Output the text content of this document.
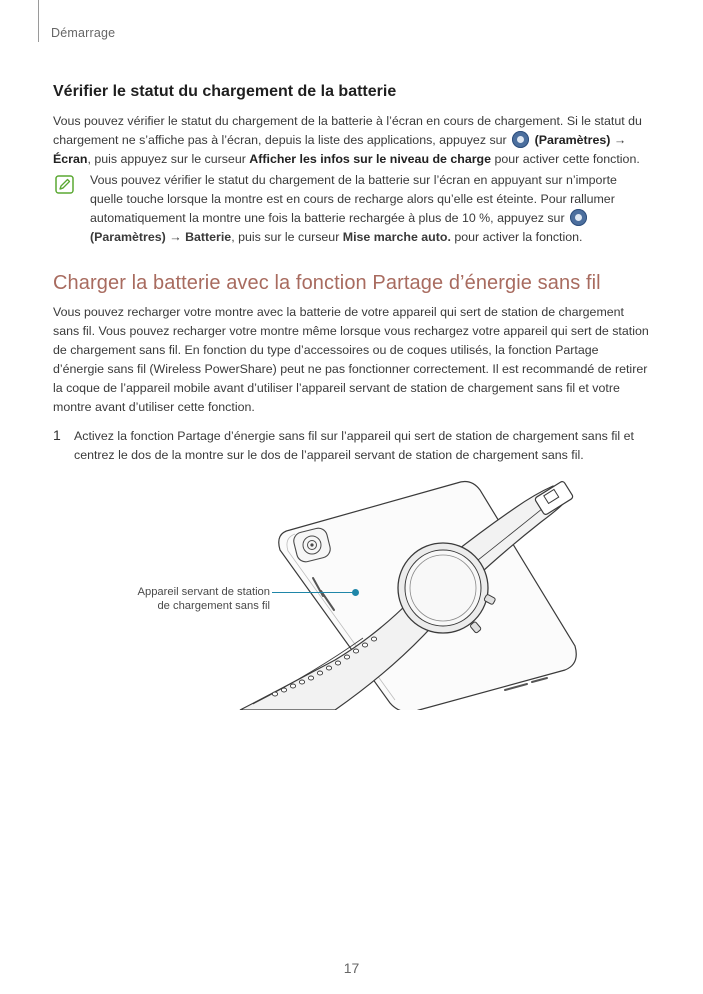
Démarrage
Vérifier le statut du chargement de la batterie

Vous pouvez vérifier le statut du chargement de la batterie à l’écran en cours de chargement. Si le statut du chargement ne s’affiche pas à l’écran, depuis la liste des applications, appuyez sur (Paramètres) → Écran, puis appuyez sur le curseur Afficher les infos sur le niveau de charge pour activer cette fonction.

Vous pouvez vérifier le statut du chargement de la batterie sur l’écran en appuyant sur n’importe quelle touche lorsque la montre est en cours de recharge alors qu’elle est éteinte. Pour rallumer automatiquement la montre une fois la batterie rechargée à plus de 10 %, appuyez sur
(Paramètres) → Batterie, puis sur le curseur Mise marche auto. pour activer la fonction.

Charger la batterie avec la fonction Partage d’énergie sans fil

Vous pouvez recharger votre montre avec la batterie de votre appareil qui sert de station de chargement sans fil. Vous pouvez recharger votre montre même lorsque vous rechargez votre appareil qui sert de station de chargement sans fil. En fonction du type d’accessoires ou de coques utilisés, la fonction Partage d’énergie sans fil (Wireless PowerShare) peut ne pas fonctionner correctement. Il est recommandé de retirer la coque de l’appareil mobile avant d’utiliser l’appareil servant de station de chargement sans fil et votre montre avant d’utiliser cette fonction.

1 Activez la fonction Partage d’énergie sans fil sur l’appareil qui sert de station de chargement sans fil et centrez le dos de la montre sur le dos de l’appareil servant de station de chargement sans fil.

Appareil servant de station
de chargement sans fil
17
